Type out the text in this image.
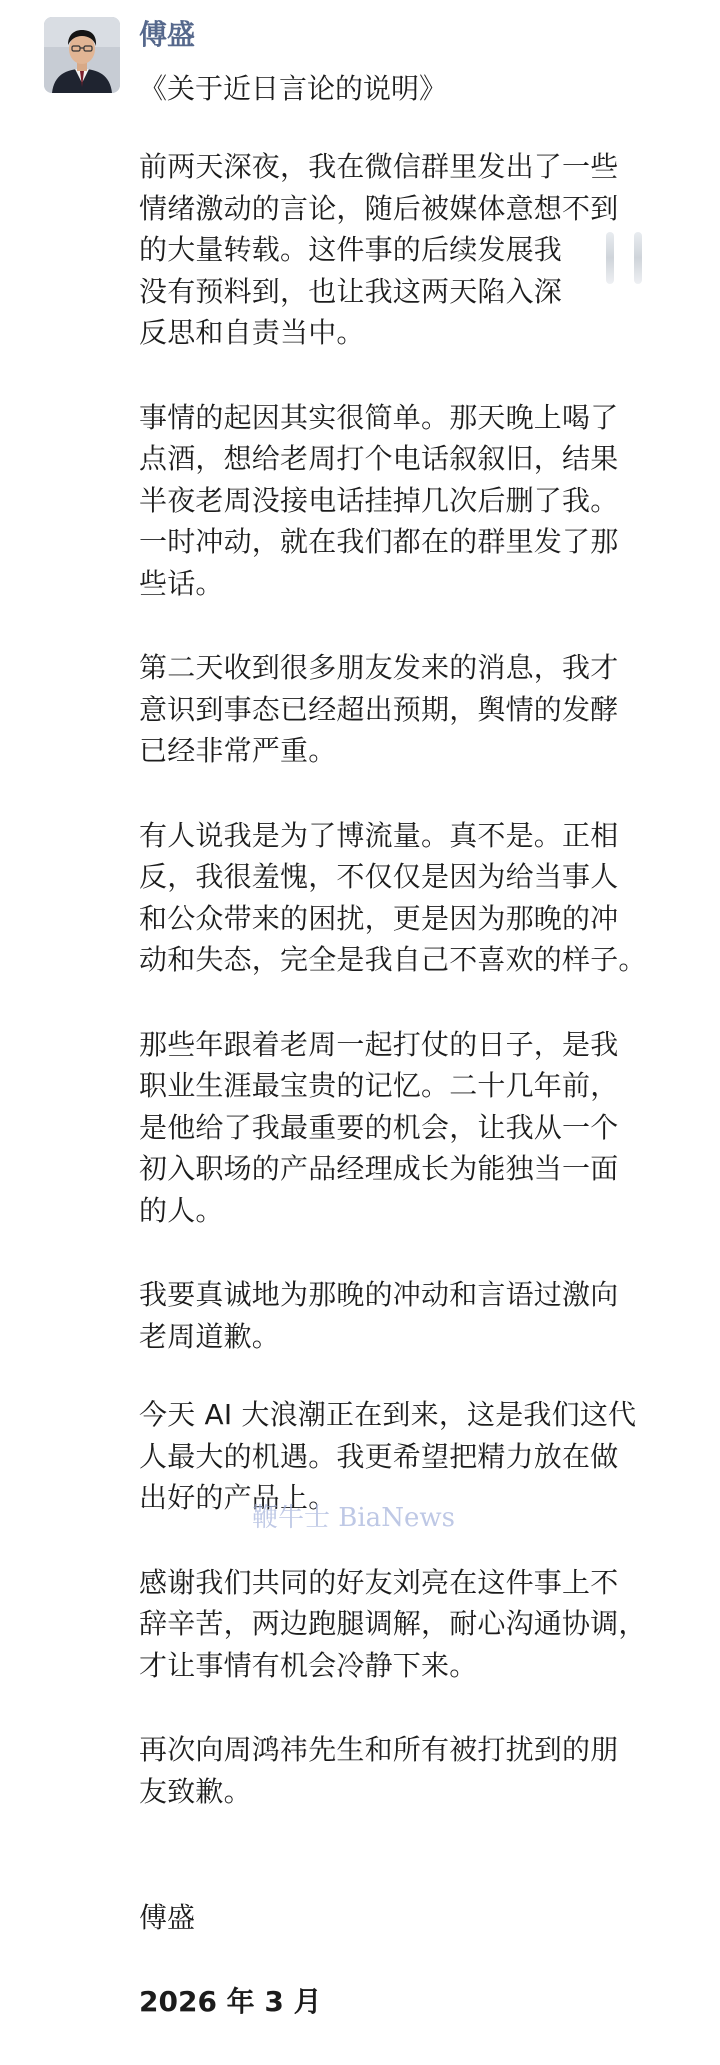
傅盛
《关于近日言论的说明》
前两天深夜，我在微信群里发出了一些
情绪激动的言论，随后被媒体意想不到
的大量转载。这件事的后续发展我
没有预料到，也让我这两天陷入深
反思和自责当中。
事情的起因其实很简单。那天晚上喝了
点酒，想给老周打个电话叙叙旧，结果
半夜老周没接电话挂掉几次后删了我。
一时冲动，就在我们都在的群里发了那
些话。
第二天收到很多朋友发来的消息，我才
意识到事态已经超出预期，舆情的发酵
已经非常严重。
有人说我是为了博流量。真不是。正相
反，我很羞愧，不仅仅是因为给当事人
和公众带来的困扰，更是因为那晚的冲
动和失态，完全是我自己不喜欢的样子。
那些年跟着老周一起打仗的日子，是我
职业生涯最宝贵的记忆。二十几年前，
是他给了我最重要的机会，让我从一个
初入职场的产品经理成长为能独当一面
的人。
我要真诚地为那晚的冲动和言语过激向
老周道歉。
今天 AI 大浪潮正在到来，这是我们这代
人最大的机遇。我更希望把精力放在做
出好的产品上。
感谢我们共同的好友刘亮在这件事上不
辞辛苦，两边跑腿调解，耐心沟通协调，
才让事情有机会冷静下来。
再次向周鸿祎先生和所有被打扰到的朋
友致歉。

傅盛

2026 年 3 月

鞭牛士 BiaNews
